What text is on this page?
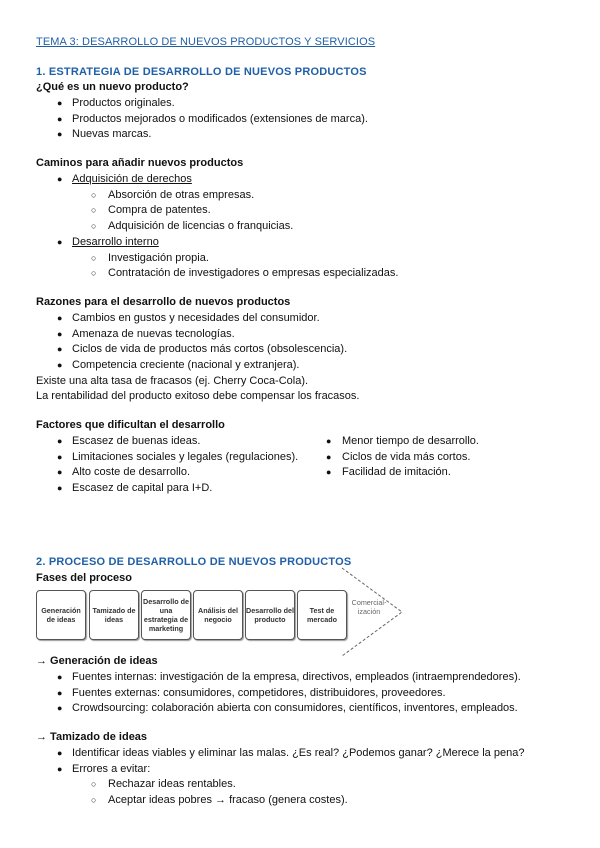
TEMA 3: DESARROLLO DE NUEVOS PRODUCTOS Y SERVICIOS
1. ESTRATEGIA DE DESARROLLO DE NUEVOS PRODUCTOS
¿Qué es un nuevo producto?
● Productos originales.
● Productos mejorados o modificados (extensiones de marca).
● Nuevas marcas.
Caminos para añadir nuevos productos
● Adquisición de derechos
○ Absorción de otras empresas.
○ Compra de patentes.
○ Adquisición de licencias o franquicias.
● Desarrollo interno
○ Investigación propia.
○ Contratación de investigadores o empresas especializadas.
Razones para el desarrollo de nuevos productos
● Cambios en gustos y necesidades del consumidor.
● Amenaza de nuevas tecnologías.
● Ciclos de vida de productos más cortos (obsolescencia).
● Competencia creciente (nacional y extranjera).
Existe una alta tasa de fracasos (ej. Cherry Coca-Cola).
La rentabilidad del producto exitoso debe compensar los fracasos.
Factores que dificultan el desarrollo
● Escasez de buenas ideas.
● Limitaciones sociales y legales (regulaciones).
● Alto coste de desarrollo.
● Escasez de capital para I+D.
● Menor tiempo de desarrollo.
● Ciclos de vida más cortos.
● Facilidad de imitación.
2. PROCESO DE DESARROLLO DE NUEVOS PRODUCTOS
Fases del proceso
Generación de ideas
Tamizado de ideas
Desarrollo de una estrategia de marketing
Análisis del negocio
Desarrollo del producto
Test de mercado
Comercial-ización
→ Generación de ideas
● Fuentes internas: investigación de la empresa, directivos, empleados (intraemprendedores).
● Fuentes externas: consumidores, competidores, distribuidores, proveedores.
● Crowdsourcing: colaboración abierta con consumidores, científicos, inventores, empleados.
→ Tamizado de ideas
● Identificar ideas viables y eliminar las malas. ¿Es real? ¿Podemos ganar? ¿Merece la pena?
● Errores a evitar:
○ Rechazar ideas rentables.
○ Aceptar ideas pobres → fracaso (genera costes).
